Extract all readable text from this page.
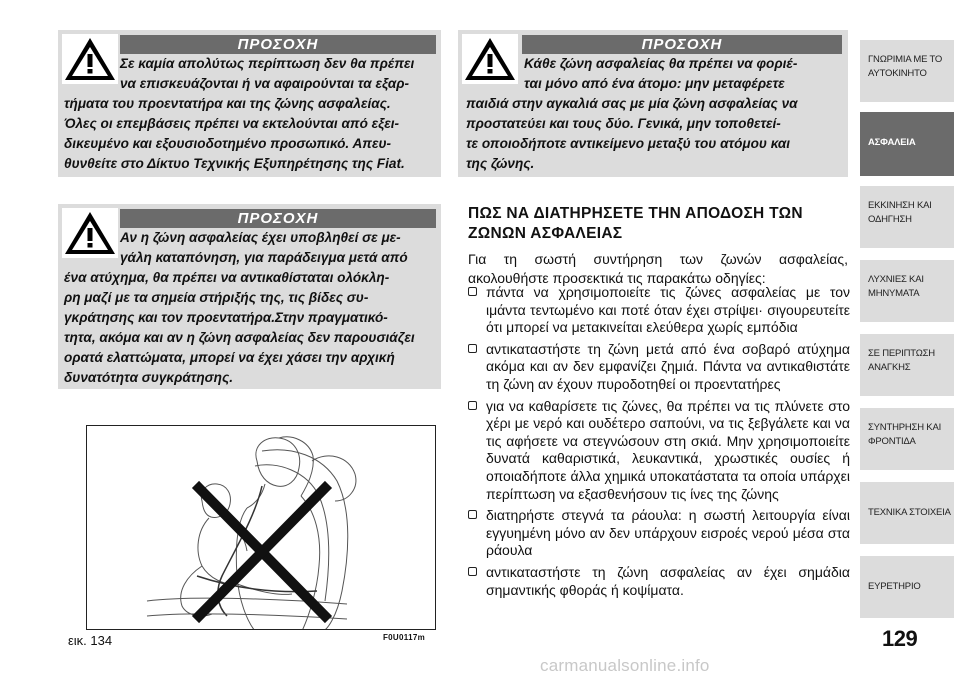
ΠΡΟΣΟΧΗ
Σε καμία απολύτως περίπτωση δεν θα πρέπει
να επισκευάζονται ή να αφαιρούνται τα εξαρ-
τήματα του προεντατήρα και της ζώνης ασφαλείας.
Όλες οι επεμβάσεις πρέπει να εκτελούνται από εξει-
δικευμένο και εξουσιοδοτημένο προσωπικό. Απευ-
θυνθείτε στο Δίκτυο Τεχνικής Εξυπηρέτησης της Fiat.
ΠΡΟΣΟΧΗ
Κάθε ζώνη ασφαλείας θα πρέπει να φοριέ-
ται μόνο από ένα άτομο: μην μεταφέρετε
παιδιά στην αγκαλιά σας με μία ζώνη ασφαλείας να
προστατεύει και τους δύο. Γενικά, μην τοποθετεί-
τε οποιοδήποτε αντικείμενο μεταξύ του ατόμου και
της ζώνης.
ΠΡΟΣΟΧΗ
Αν η ζώνη ασφαλείας έχει υποβληθεί σε με-
γάλη καταπόνηση, για παράδειγμα μετά από
ένα ατύχημα, θα πρέπει να αντικαθίσταται ολόκλη-
ρη μαζί με τα σημεία στήριξής της, τις βίδες συ-
γκράτησης και τον προεντατήρα.Στην πραγματικό-
τητα, ακόμα και αν η ζώνη ασφαλείας δεν παρουσιάζει
ορατά ελαττώματα, μπορεί να έχει χάσει την αρχική
δυνατότητα συγκράτησης.
ΠΩΣ ΝΑ ΔΙΑΤΗΡΗΣΕΤΕ ΤΗΝ ΑΠΟΔΟΣΗ ΤΩΝ
ΖΩΝΩΝ ΑΣΦΑΛΕΙΑΣ
Για τη σωστή συντήρηση των ζωνών ασφαλείας, ακολουθήστε προσεκτικά τις παρακάτω οδηγίες:
πάντα να χρησιμοποιείτε τις ζώνες ασφαλείας με τον ιμάντα τεντωμένο και ποτέ όταν έχει στρίψει· σιγουρευτείτε ότι μπορεί να μετακινείται ελεύθερα χωρίς εμπόδια
αντικαταστήστε τη ζώνη μετά από ένα σοβαρό ατύχημα ακόμα και αν δεν εμφανίζει ζημιά. Πάντα να αντικαθιστάτε τη ζώνη αν έχουν πυροδοτηθεί οι προεντατήρες
για να καθαρίσετε τις ζώνες, θα πρέπει να τις πλύνετε στο χέρι με νερό και ουδέτερο σαπούνι, να τις ξεβγάλετε και να τις αφήσετε να στεγνώσουν στη σκιά. Μην χρησιμοποιείτε δυνατά καθαριστικά, λευκαντικά, χρωστικές ουσίες ή οποιαδήποτε άλλα χημικά υποκατάστατα τα οποία υπάρχει περίπτωση να εξασθενήσουν τις ίνες της ζώνης
διατηρήστε στεγνά τα ράουλα: η σωστή λειτουργία είναι εγγυημένη μόνο αν δεν υπάρχουν εισροές νερού μέσα στα ράουλα
αντικαταστήστε τη ζώνη ασφαλείας αν έχει σημάδια σημαντικής φθοράς ή κοψίματα.
εικ. 134	F0U0117m
ΓΝΩΡΙΜΙΑ ΜΕ ΤΟ
ΑΥΤΟΚΙΝΗΤΟ
ΑΣΦΑΛΕΙΑ
ΕΚΚΙΝΗΣΗ ΚΑΙ
ΟΔΗΓΗΣΗ
ΛΥΧΝΙΕΣ ΚΑΙ
ΜΗΝΥΜΑΤΑ
ΣΕ ΠΕΡΙΠΤΩΣΗ
ΑΝΑΓΚΗΣ
ΣΥΝΤΗΡΗΣΗ ΚΑΙ
ΦΡΟΝΤΙΔΑ
ΤΕΧΝΙΚΑ ΣΤΟΙΧΕΙΑ
ΕΥΡΕΤΗΡΙΟ
129
carmanualsonline.info
